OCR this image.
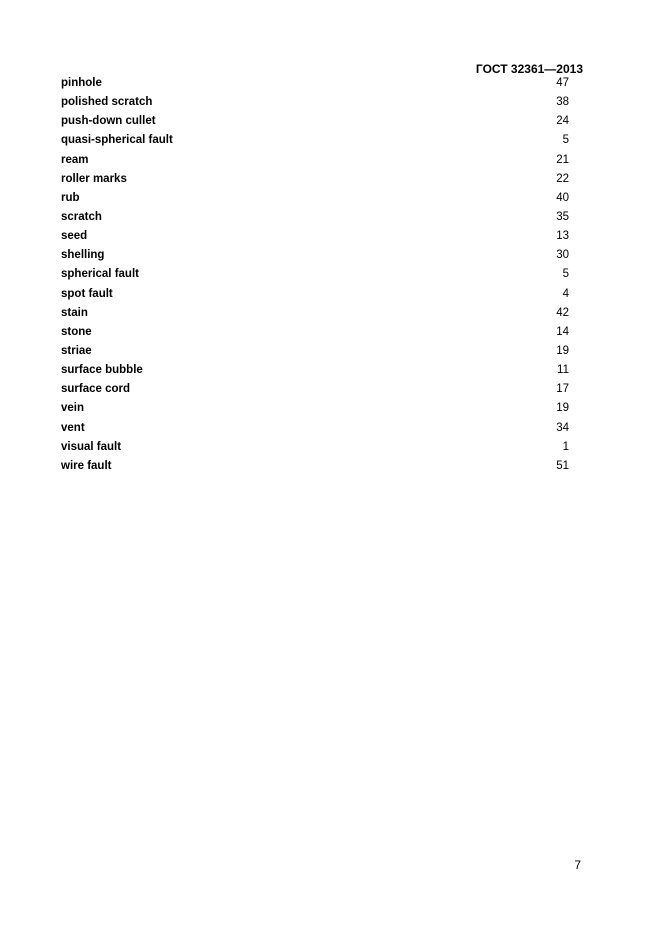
ГОСТ 32361—2013
pinhole	47
polished scratch	38
push-down cullet	24
quasi-spherical fault	5
ream	21
roller marks	22
rub	40
scratch	35
seed	13
shelling	30
spherical fault	5
spot fault	4
stain	42
stone	14
striae	19
surface bubble	11
surface cord	17
vein	19
vent	34
visual fault	1
wire fault	51
7
